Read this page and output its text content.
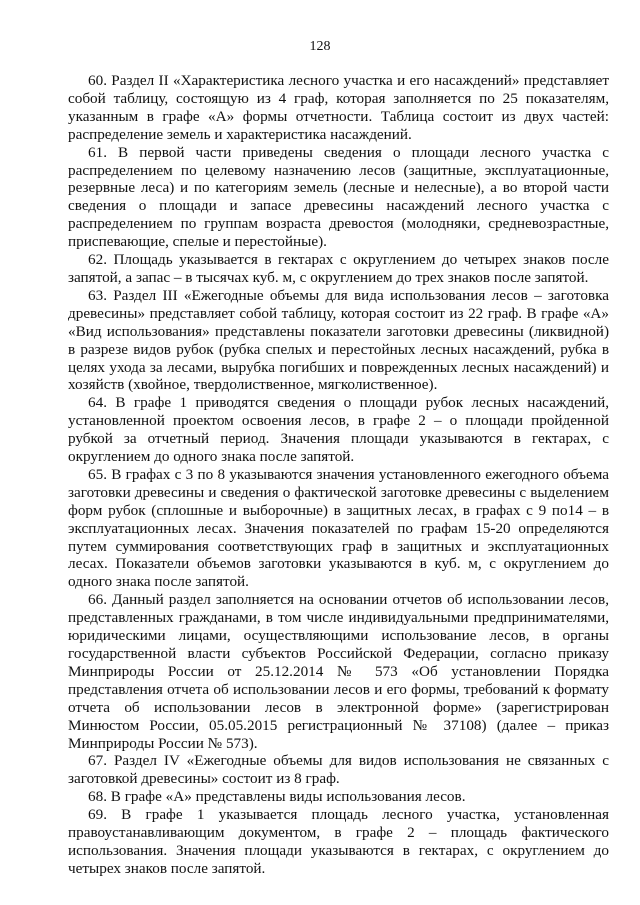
128

60. Раздел II «Характеристика лесного участка и его насаждений» представляет собой таблицу, состоящую из 4 граф, которая заполняется по 25 показателям, указанным в графе «А» формы отчетности. Таблица состоит из двух частей: распределение земель и характеристика насаждений.

61. В первой части приведены сведения о площади лесного участка с распределением по целевому назначению лесов (защитные, эксплуатационные, резервные леса) и по категориям земель (лесные и нелесные), а во второй части сведения о площади и запасе древесины насаждений лесного участка с распределением по группам возраста древостоя (молодняки, средневозрастные, приспевающие, спелые и перестойные).

62. Площадь указывается в гектарах с округлением до четырех знаков после запятой, а запас – в тысячах куб. м, с округлением до трех знаков после запятой.

63. Раздел III «Ежегодные объемы для вида использования лесов – заготовка древесины» представляет собой таблицу, которая состоит из 22 граф. В графе «А» «Вид использования» представлены показатели заготовки древесины (ликвидной) в разрезе видов рубок (рубка спелых и перестойных лесных насаждений, рубка в целях ухода за лесами, вырубка погибших и поврежденных лесных насаждений) и хозяйств (хвойное, твердолиственное, мягколиственное).

64. В графе 1 приводятся сведения о площади рубок лесных насаждений, установленной проектом освоения лесов, в графе 2 – о площади пройденной рубкой за отчетный период. Значения площади указываются в гектарах, с округлением до одного знака после запятой.

65. В графах с 3 по 8 указываются значения установленного ежегодного объема заготовки древесины и сведения о фактической заготовке древесины с выделением форм рубок (сплошные и выборочные) в защитных лесах, в графах с 9 по14 – в эксплуатационных лесах. Значения показателей по графам 15-20 определяются путем суммирования соответствующих граф в защитных и эксплуатационных лесах. Показатели объемов заготовки указываются в куб. м, с округлением до одного знака после запятой.

66. Данный раздел заполняется на основании отчетов об использовании лесов, представленных гражданами, в том числе индивидуальными предпринимателями, юридическими лицами, осуществляющими использование лесов, в органы государственной власти субъектов Российской Федерации, согласно приказу Минприроды России от 25.12.2014 № 573 «Об установлении Порядка представления отчета об использовании лесов и его формы, требований к формату отчета об использовании лесов в электронной форме» (зарегистрирован Минюстом России, 05.05.2015 регистрационный № 37108) (далее – приказ Минприроды России № 573).

67. Раздел IV «Ежегодные объемы для видов использования не связанных с заготовкой древесины» состоит из 8 граф.

68. В графе «А» представлены виды использования лесов.

69. В графе 1 указывается площадь лесного участка, установленная правоустанавливающим документом, в графе 2 – площадь фактического использования. Значения площади указываются в гектарах, с округлением до четырех знаков после запятой.
